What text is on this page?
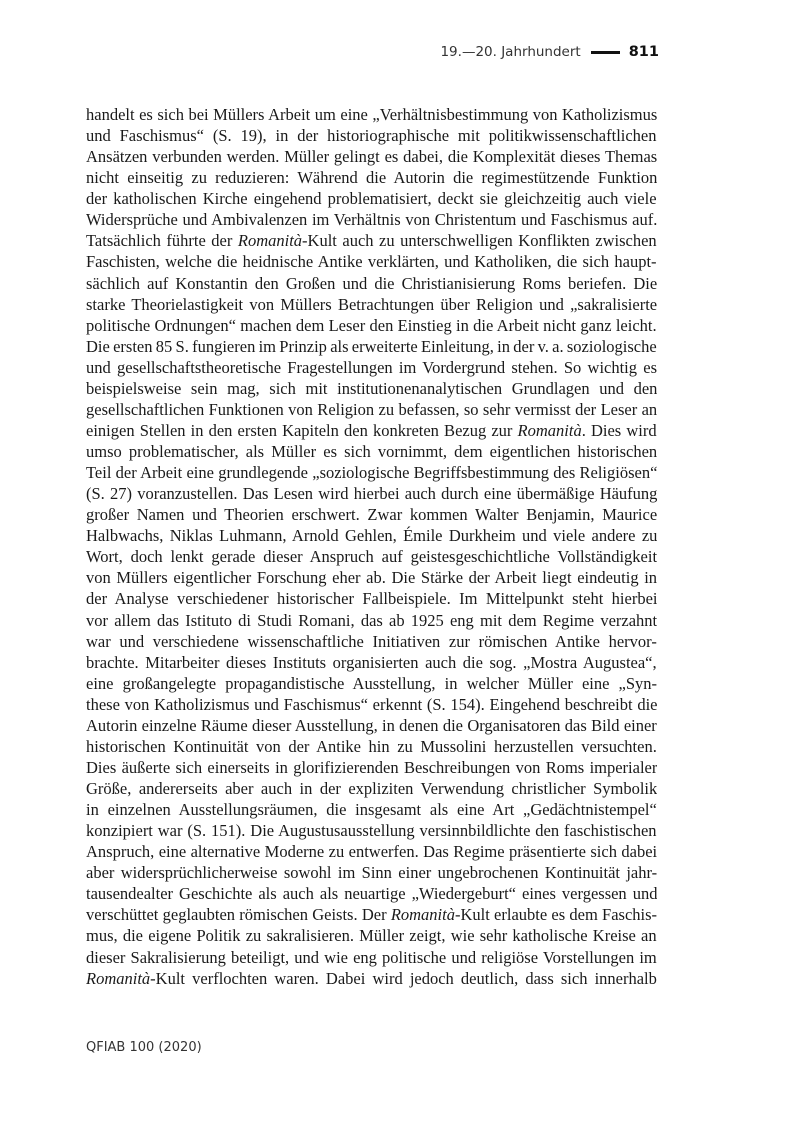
19.—20. Jahrhundert	811
handelt es sich bei Müllers Arbeit um eine „Verhältnisbestimmung von Katholizismus
und Faschismus“ (S. 19), in der historiographische mit politikwissenschaftlichen
Ansätzen verbunden werden. Müller gelingt es dabei, die Komplexität dieses Themas
nicht einseitig zu reduzieren: Während die Autorin die regimestützende Funktion
der katholischen Kirche eingehend problematisiert, deckt sie gleichzeitig auch viele
Widersprüche und Ambivalenzen im Verhältnis von Christentum und Faschismus auf.
Tatsächlich führte der Romanità-Kult auch zu unterschwelligen Konflikten zwischen
Faschisten, welche die heidnische Antike verklärten, und Katholiken, die sich haupt-
sächlich auf Konstantin den Großen und die Christianisierung Roms beriefen. Die
starke Theorielastigkeit von Müllers Betrachtungen über Religion und „sakralisierte
politische Ordnungen“ machen dem Leser den Einstieg in die Arbeit nicht ganz leicht.
Die ersten 85 S. fungieren im Prinzip als erweiterte Einleitung, in der v. a. soziologische
und gesellschaftstheoretische Fragestellungen im Vordergrund stehen. So wichtig es
beispielsweise sein mag, sich mit institutionenanalytischen Grundlagen und den
gesellschaftlichen Funktionen von Religion zu befassen, so sehr vermisst der Leser an
einigen Stellen in den ersten Kapiteln den konkreten Bezug zur Romanità. Dies wird
umso problematischer, als Müller es sich vornimmt, dem eigentlichen historischen
Teil der Arbeit eine grundlegende „soziologische Begriffsbestimmung des Religiösen“
(S. 27) voranzustellen. Das Lesen wird hierbei auch durch eine übermäßige Häufung
großer Namen und Theorien erschwert. Zwar kommen Walter Benjamin, Maurice
Halbwachs, Niklas Luhmann, Arnold Gehlen, Émile Durkheim und viele andere zu
Wort, doch lenkt gerade dieser Anspruch auf geistesgeschichtliche Vollständigkeit
von Müllers eigentlicher Forschung eher ab. Die Stärke der Arbeit liegt eindeutig in
der Analyse verschiedener historischer Fallbeispiele. Im Mittelpunkt steht hierbei
vor allem das Istituto di Studi Romani, das ab 1925 eng mit dem Regime verzahnt
war und verschiedene wissenschaftliche Initiativen zur römischen Antike hervor-
brachte. Mitarbeiter dieses Instituts organisierten auch die sog. „Mostra Augustea“,
eine großangelegte propagandistische Ausstellung, in welcher Müller eine „Syn-
these von Katholizismus und Faschismus“ erkennt (S. 154). Eingehend beschreibt die
Autorin einzelne Räume dieser Ausstellung, in denen die Organisatoren das Bild einer
historischen Kontinuität von der Antike hin zu Mussolini herzustellen versuchten.
Dies äußerte sich einerseits in glorifizierenden Beschreibungen von Roms imperialer
Größe, andererseits aber auch in der expliziten Verwendung christlicher Symbolik
in einzelnen Ausstellungsräumen, die insgesamt als eine Art „Gedächtnistempel“
konzipiert war (S. 151). Die Augustusausstellung versinnbildlichte den faschistischen
Anspruch, eine alternative Moderne zu entwerfen. Das Regime präsentierte sich dabei
aber widersprüchlicherweise sowohl im Sinn einer ungebrochenen Kontinuität jahr-
tausendealter Geschichte als auch als neuartige „Wiedergeburt“ eines vergessen und
verschüttet geglaubten römischen Geists. Der Romanità-Kult erlaubte es dem Faschis-
mus, die eigene Politik zu sakralisieren. Müller zeigt, wie sehr katholische Kreise an
dieser Sakralisierung beteiligt, und wie eng politische und religiöse Vorstellungen im
Romanità-Kult verflochten waren. Dabei wird jedoch deutlich, dass sich innerhalb
QFIAB 100 (2020)
